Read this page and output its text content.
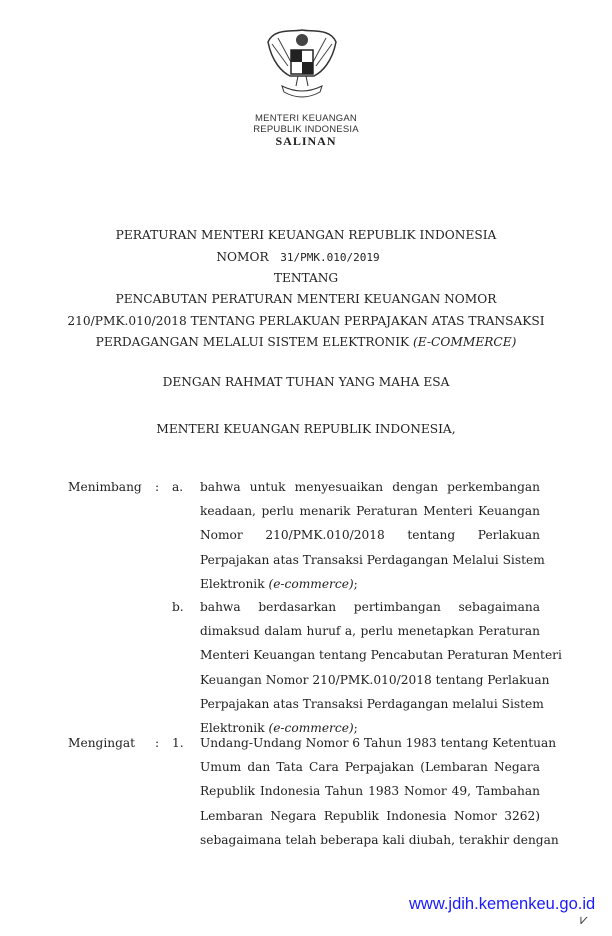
MENTERI KEUANGAN
REPUBLIK INDONESIA
SALINAN
PERATURAN MENTERI KEUANGAN REPUBLIK INDONESIA
NOMOR 31/PMK.010/2019
TENTANG
PENCABUTAN PERATURAN MENTERI KEUANGAN NOMOR
210/PMK.010/2018 TENTANG PERLAKUAN PERPAJAKAN ATAS TRANSAKSI
PERDAGANGAN MELALUI SISTEM ELEKTRONIK (E-COMMERCE)
DENGAN RAHMAT TUHAN YANG MAHA ESA
MENTERI KEUANGAN REPUBLIK INDONESIA,
Menimbang : a.
b.
bahwa untuk menyesuaikan dengan perkembangan
keadaan, perlu menarik Peraturan Menteri Keuangan
Nomor 210/PMK.010/2018 tentang Perlakuan
Perpajakan atas Transaksi Perdagangan Melalui Sistem
Elektronik (e-commerce);
bahwa berdasarkan pertimbangan sebagaimana
dimaksud dalam huruf a, perlu menetapkan Peraturan
Menteri Keuangan tentang Pencabutan Peraturan Menteri
Keuangan Nomor 210/PMK.010/2018 tentang Perlakuan
Perpajakan atas Transaksi Perdagangan melalui Sistem
Elektronik (e-commerce);
Mengingat : 1. Undang-Undang Nomor 6 Tahun 1983 tentang Ketentuan
Umum dan Tata Cara Perpajakan (Lembaran Negara
Republik Indonesia Tahun 1983 Nomor 49, Tambahan
Lembaran Negara Republik Indonesia Nomor 3262)
sebagaimana telah beberapa kali diubah, terakhir dengan
www.jdih.kemenkeu.go.id
⩗
